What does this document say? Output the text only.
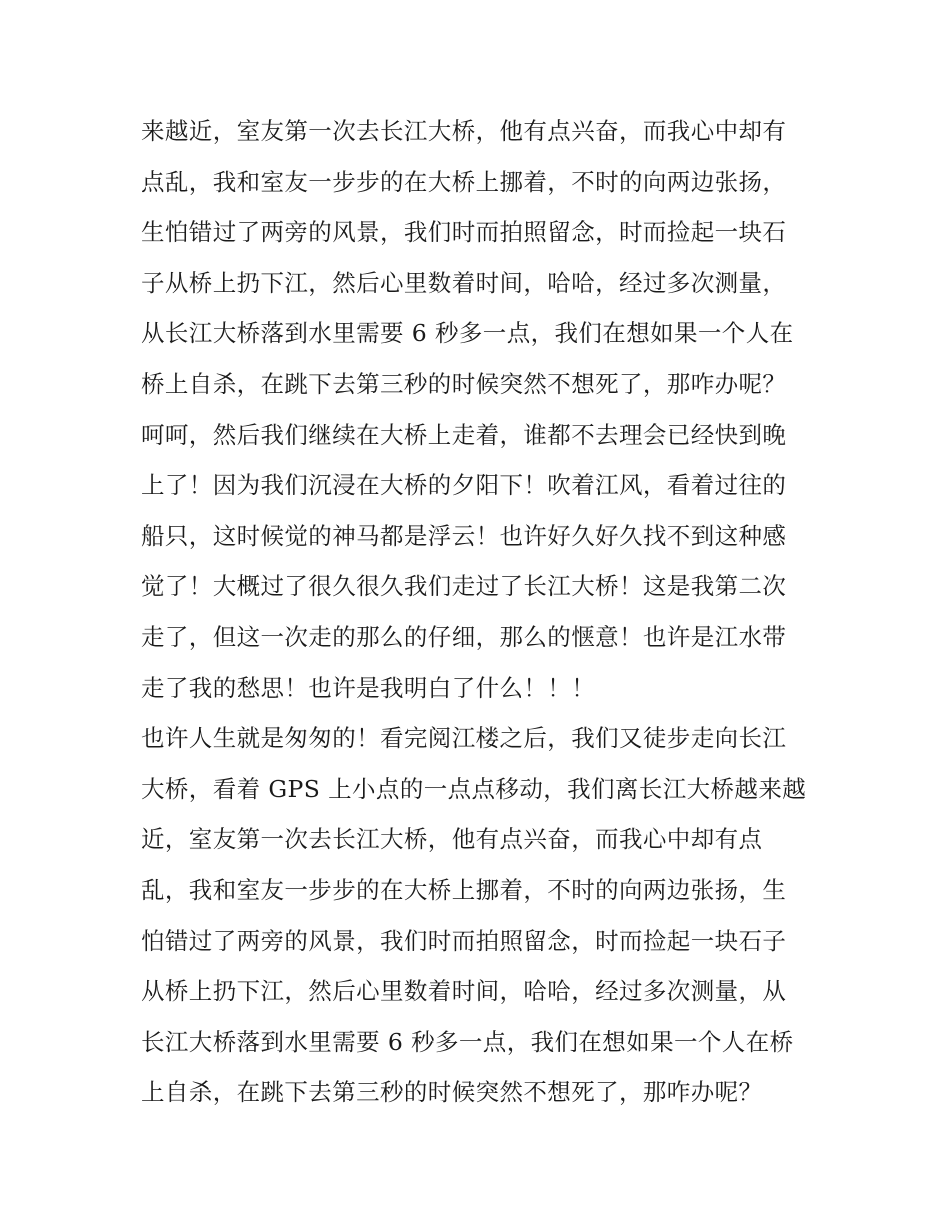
来越近，室友第一次去长江大桥，他有点兴奋，而我心中却有
点乱，我和室友一步步的在大桥上挪着，不时的向两边张扬，
生怕错过了两旁的风景，我们时而拍照留念，时而捡起一块石
子从桥上扔下江，然后心里数着时间，哈哈，经过多次测量，
从长江大桥落到水里需要 6 秒多一点，我们在想如果一个人在
桥上自杀，在跳下去第三秒的时候突然不想死了，那咋办呢？
呵呵，然后我们继续在大桥上走着，谁都不去理会已经快到晚
上了！因为我们沉浸在大桥的夕阳下！吹着江风，看着过往的
船只，这时候觉的神马都是浮云！也许好久好久找不到这种感
觉了！大概过了很久很久我们走过了长江大桥！这是我第二次
走了，但这一次走的那么的仔细，那么的惬意！也许是江水带
走了我的愁思！也许是我明白了什么！！！
也许人生就是匆匆的！看完阅江楼之后，我们又徒步走向长江
大桥，看着 GPS 上小点的一点点移动，我们离长江大桥越来越
近，室友第一次去长江大桥，他有点兴奋，而我心中却有点
乱，我和室友一步步的在大桥上挪着，不时的向两边张扬，生
怕错过了两旁的风景，我们时而拍照留念，时而捡起一块石子
从桥上扔下江，然后心里数着时间，哈哈，经过多次测量，从
长江大桥落到水里需要 6 秒多一点，我们在想如果一个人在桥
上自杀，在跳下去第三秒的时候突然不想死了，那咋办呢？
